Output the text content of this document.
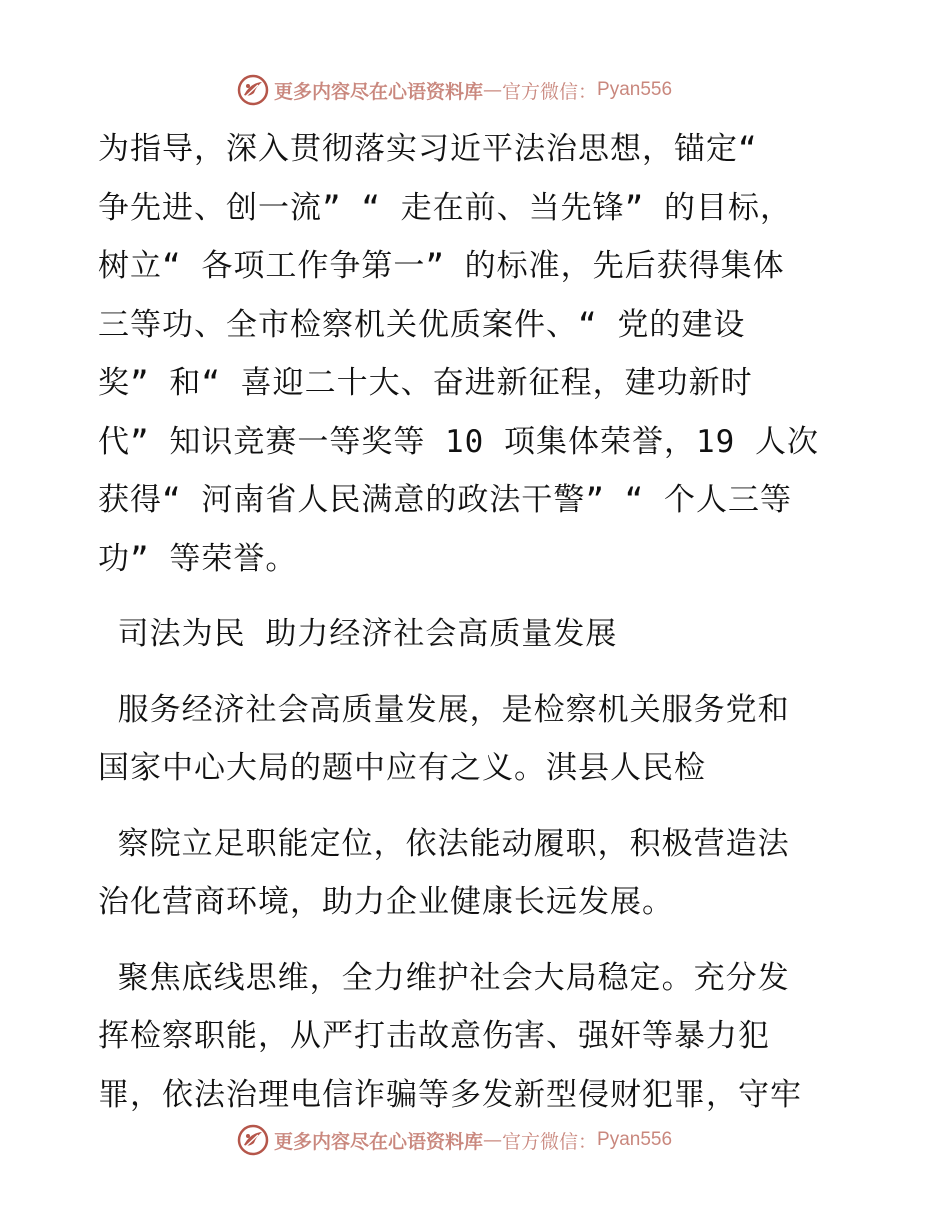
更多内容尽在心语资料库 — 官方微信： Pyan556
为指导，深入贯彻落实习近平法治思想，锚定“
争先进、创一流” “ 走在前、当先锋” 的目标，
树立“ 各项工作争第一” 的标准，先后获得集体
三等功、全市检察机关优质案件、“ 党的建设
奖” 和“ 喜迎二十大、奋进新征程，建功新时
代” 知识竞赛一等奖等 10 项集体荣誉，19 人次
获得“ 河南省人民满意的政法干警” “ 个人三等
功” 等荣誉。
司法为民 助力经济社会高质量发展
服务经济社会高质量发展，是检察机关服务党和
国家中心大局的题中应有之义。淇县人民检
察院立足职能定位，依法能动履职，积极营造法
治化营商环境，助力企业健康长远发展。
聚焦底线思维，全力维护社会大局稳定。充分发
挥检察职能，从严打击故意伤害、强奸等暴力犯
罪，依法治理电信诈骗等多发新型侵财犯罪，守牢
更多内容尽在心语资料库 — 官方微信： Pyan556
